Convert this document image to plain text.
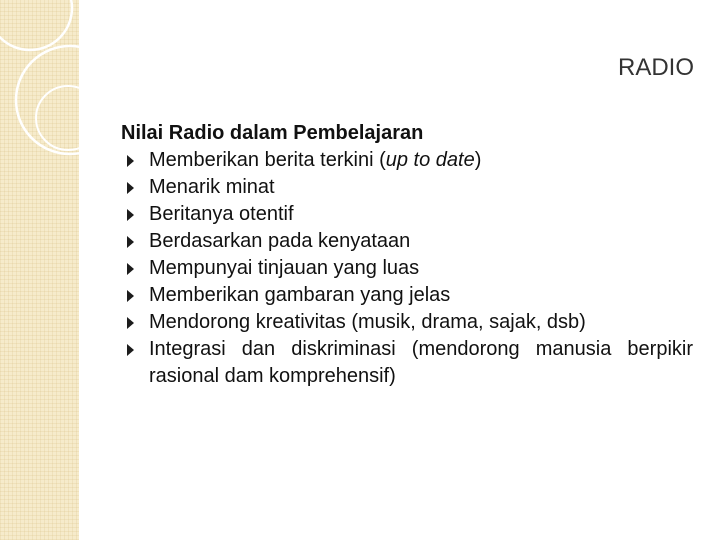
RADIO

Nilai Radio dalam Pembelajaran

Memberikan berita terkini (up to date)
Menarik minat
Beritanya otentif
Berdasarkan pada kenyataan
Mempunyai tinjauan yang luas
Memberikan gambaran yang jelas
Mendorong kreativitas (musik, drama, sajak, dsb)
Integrasi dan diskriminasi (mendorong manusia berpikir rasional dam komprehensif)
